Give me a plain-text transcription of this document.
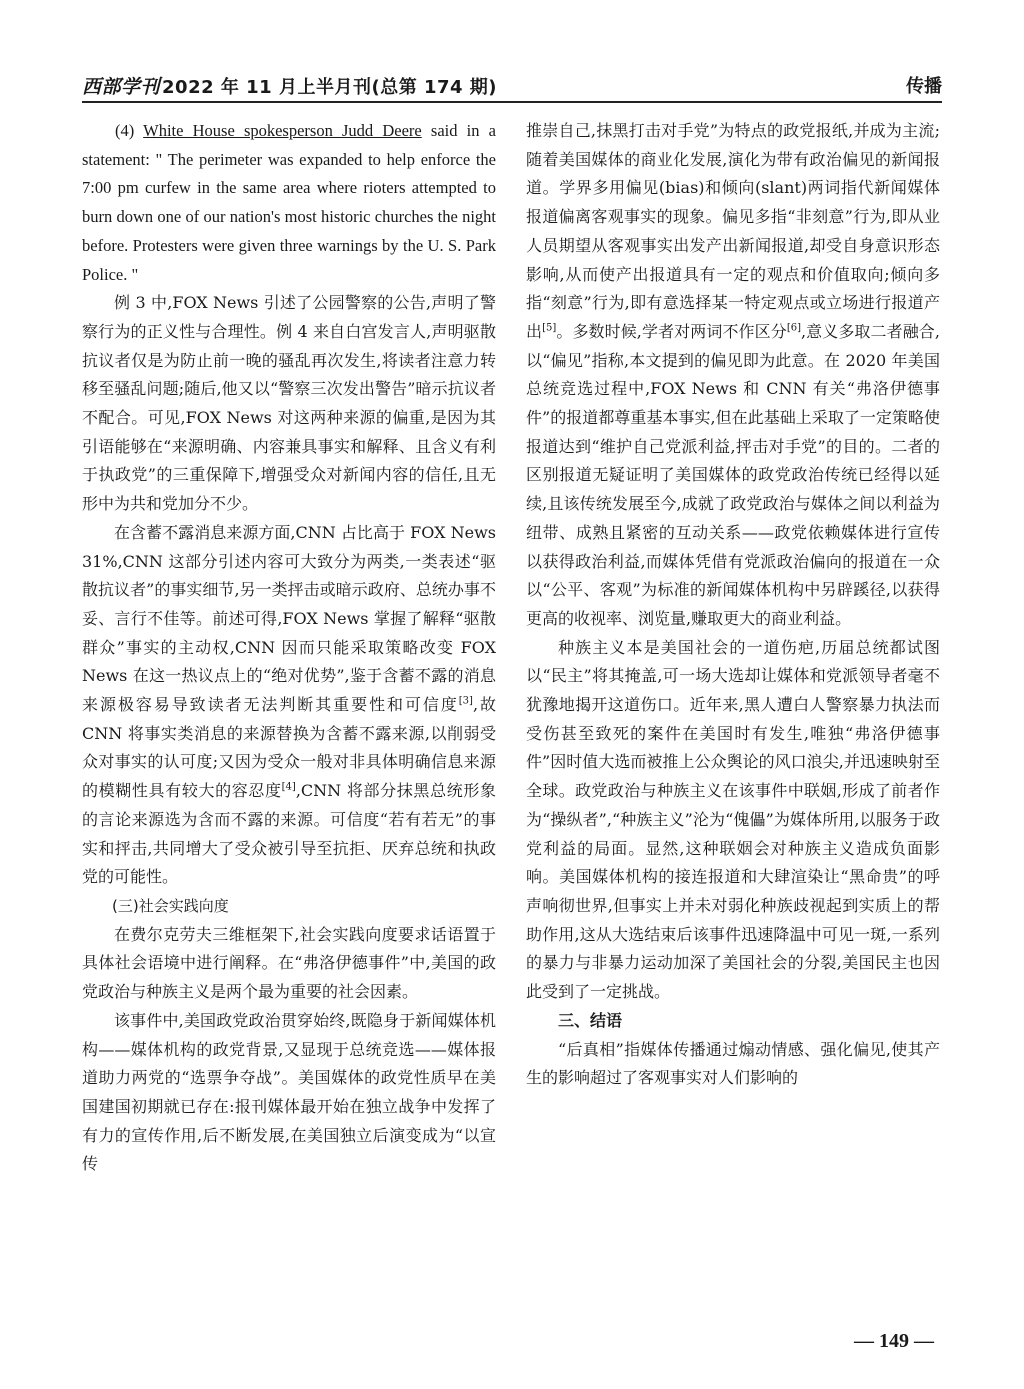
西部学刊 2022 年 11 月上半月刊(总第 174 期)	传播

(4) White House spokesperson Judd Deere said in a statement: " The perimeter was expanded to help enforce the 7:00 pm curfew in the same area where rioters attempted to burn down one of our nation's most historic churches the night before. Protesters were given three warnings by the U. S. Park Police. "

例 3 中,FOX News 引述了公园警察的公告,声明了警察行为的正义性与合理性。例 4 来自白宫发言人,声明驱散抗议者仅是为防止前一晚的骚乱再次发生,将读者注意力转移至骚乱问题;随后,他又以“警察三次发出警告”暗示抗议者不配合。可见,FOX News 对这两种来源的偏重,是因为其引语能够在“来源明确、内容兼具事实和解释、且含义有利于执政党”的三重保障下,增强受众对新闻内容的信任,且无形中为共和党加分不少。

在含蓄不露消息来源方面,CNN 占比高于 FOX News 31%,CNN 这部分引述内容可大致分为两类,一类表述“驱散抗议者”的事实细节,另一类抨击或暗示政府、总统办事不妥、言行不佳等。前述可得,FOX News 掌握了解释“驱散群众”事实的主动权,CNN 因而只能采取策略改变 FOX News 在这一热议点上的“绝对优势”,鉴于含蓄不露的消息来源极容易导致读者无法判断其重要性和可信度[3],故 CNN 将事实类消息的来源替换为含蓄不露来源,以削弱受众对事实的认可度;又因为受众一般对非具体明确信息来源的模糊性具有较大的容忍度[4],CNN 将部分抹黑总统形象的言论来源选为含而不露的来源。可信度“若有若无”的事实和抨击,共同增大了受众被引导至抗拒、厌弃总统和执政党的可能性。

(三)社会实践向度

在费尔克劳夫三维框架下,社会实践向度要求话语置于具体社会语境中进行阐释。在“弗洛伊德事件”中,美国的政党政治与种族主义是两个最为重要的社会因素。

该事件中,美国政党政治贯穿始终,既隐身于新闻媒体机构——媒体机构的政党背景,又显现于总统竞选——媒体报道助力两党的“选票争夺战”。美国媒体的政党性质早在美国建国初期就已存在:报刊媒体最开始在独立战争中发挥了有力的宣传作用,后不断发展,在美国独立后演变成为“以宣传

推崇自己,抹黑打击对手党”为特点的政党报纸,并成为主流;随着美国媒体的商业化发展,演化为带有政治偏见的新闻报道。学界多用偏见(bias)和倾向(slant)两词指代新闻媒体报道偏离客观事实的现象。偏见多指“非刻意”行为,即从业人员期望从客观事实出发产出新闻报道,却受自身意识形态影响,从而使产出报道具有一定的观点和价值取向;倾向多指“刻意”行为,即有意选择某一特定观点或立场进行报道产出[5]。多数时候,学者对两词不作区分[6],意义多取二者融合,以“偏见”指称,本文提到的偏见即为此意。在 2020 年美国总统竞选过程中,FOX News 和 CNN 有关“弗洛伊德事件”的报道都尊重基本事实,但在此基础上采取了一定策略使报道达到“维护自己党派利益,抨击对手党”的目的。二者的区别报道无疑证明了美国媒体的政党政治传统已经得以延续,且该传统发展至今,成就了政党政治与媒体之间以利益为纽带、成熟且紧密的互动关系——政党依赖媒体进行宣传以获得政治利益,而媒体凭借有党派政治偏向的报道在一众以“公平、客观”为标准的新闻媒体机构中另辟蹊径,以获得更高的收视率、浏览量,赚取更大的商业利益。

种族主义本是美国社会的一道伤疤,历届总统都试图以“民主”将其掩盖,可一场大选却让媒体和党派领导者毫不犹豫地揭开这道伤口。近年来,黑人遭白人警察暴力执法而受伤甚至致死的案件在美国时有发生,唯独“弗洛伊德事件”因时值大选而被推上公众舆论的风口浪尖,并迅速映射至全球。政党政治与种族主义在该事件中联姻,形成了前者作为“操纵者”,“种族主义”沦为“傀儡”为媒体所用,以服务于政党利益的局面。显然,这种联姻会对种族主义造成负面影响。美国媒体机构的接连报道和大肆渲染让“黑命贵”的呼声响彻世界,但事实上并未对弱化种族歧视起到实质上的帮助作用,这从大选结束后该事件迅速降温中可见一斑,一系列的暴力与非暴力运动加深了美国社会的分裂,美国民主也因此受到了一定挑战。

三、结语

“后真相”指媒体传播通过煽动情感、强化偏见,使其产生的影响超过了客观事实对人们影响的

— 149 —
